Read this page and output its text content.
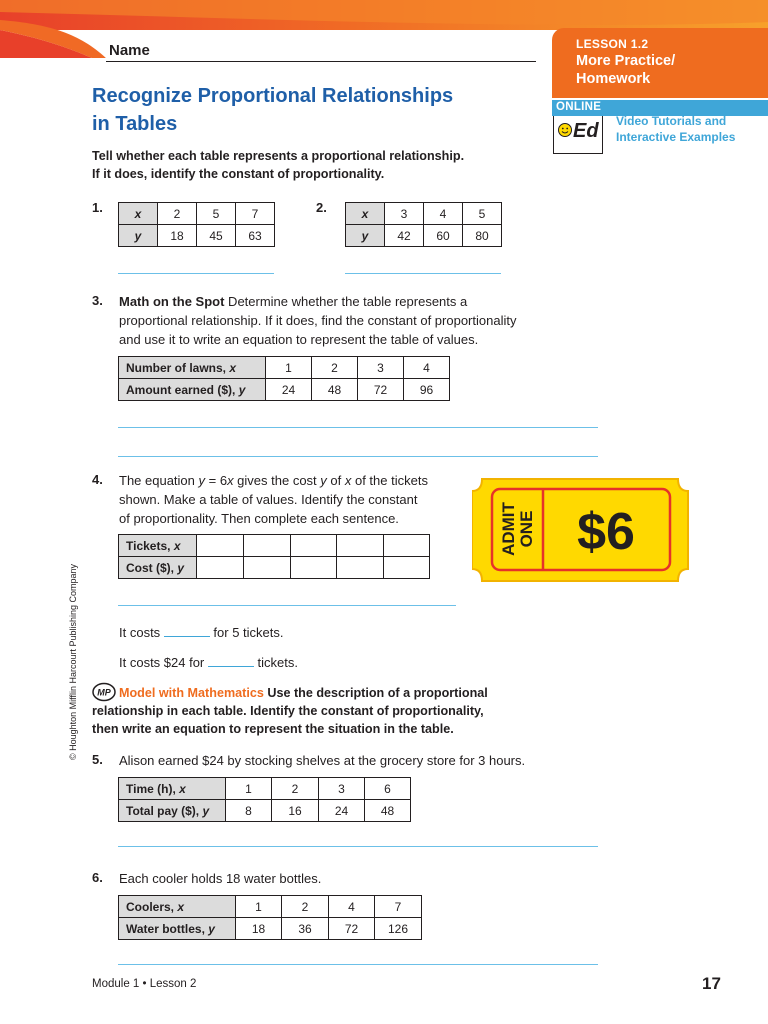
Name	LESSON 1.2
More Practice/
Homework
ONLINE
Ed Video Tutorials and
Interactive Examples
Recognize Proportional Relationships
in Tables
Tell whether each table represents a proportional relationship.
If it does, identify the constant of proportionality.
1.	x	2	5	7
y	18	45	63
2.	x	3	4	5
y	42	60	80
3. Math on the Spot Determine whether the table represents a
proportional relationship. If it does, find the constant of proportionality
and use it to write an equation to represent the table of values.
Number of lawns, x	1	2	3	4
Amount earned ($), y	24	48	72	96
4. The equation y = 6x gives the cost y of x of the tickets
shown. Make a table of values. Identify the constant
of proportionality. Then complete each sentence.
Tickets, x					
Cost ($), y					
It costs	for 5 tickets.
It costs $24 for	tickets.
ADMIT ONE $6
MP Model with Mathematics Use the description of a proportional
relationship in each table. Identify the constant of proportionality,
then write an equation to represent the situation in the table.
5. Alison earned $24 by stocking shelves at the grocery store for 3 hours.
Time (h), x	1	2	3	6
Total pay ($), y	8	16	24	48
6. Each cooler holds 18 water bottles.
Coolers, x	1	2	4	7
Water bottles, y	18	36	72	126
© Houghton Mifflin Harcourt Publishing Company
Module 1 • Lesson 2	17
